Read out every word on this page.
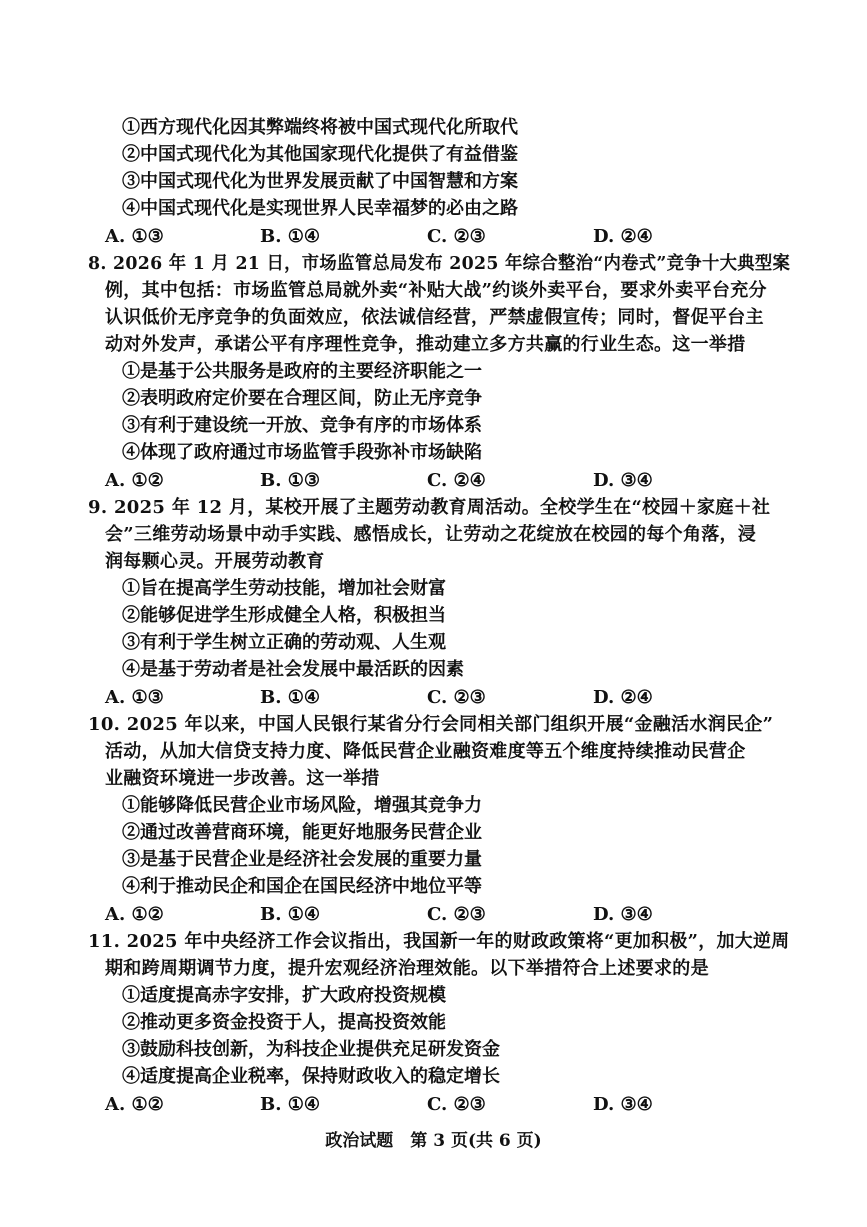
①西方现代化因其弊端终将被中国式现代化所取代
②中国式现代化为其他国家现代化提供了有益借鉴
③中国式现代化为世界发展贡献了中国智慧和方案
④中国式现代化是实现世界人民幸福梦的必由之路
A. ①③	B. ①④	C. ②③	D. ②④
8. 2026 年 1 月 21 日，市场监管总局发布 2025 年综合整治“内卷式”竞争十大典型案
例，其中包括：市场监管总局就外卖“补贴大战”约谈外卖平台，要求外卖平台充分
认识低价无序竞争的负面效应，依法诚信经营，严禁虚假宣传；同时，督促平台主
动对外发声，承诺公平有序理性竞争，推动建立多方共赢的行业生态。这一举措
①是基于公共服务是政府的主要经济职能之一
②表明政府定价要在合理区间，防止无序竞争
③有利于建设统一开放、竞争有序的市场体系
④体现了政府通过市场监管手段弥补市场缺陷
A. ①②	B. ①③	C. ②④	D. ③④
9. 2025 年 12 月，某校开展了主题劳动教育周活动。全校学生在“校园＋家庭＋社
会”三维劳动场景中动手实践、感悟成长，让劳动之花绽放在校园的每个角落，浸
润每颗心灵。开展劳动教育
①旨在提高学生劳动技能，增加社会财富
②能够促进学生形成健全人格，积极担当
③有利于学生树立正确的劳动观、人生观
④是基于劳动者是社会发展中最活跃的因素
A. ①③	B. ①④	C. ②③	D. ②④
10. 2025 年以来，中国人民银行某省分行会同相关部门组织开展“金融活水润民企”
活动，从加大信贷支持力度、降低民营企业融资难度等五个维度持续推动民营企
业融资环境进一步改善。这一举措
①能够降低民营企业市场风险，增强其竞争力
②通过改善营商环境，能更好地服务民营企业
③是基于民营企业是经济社会发展的重要力量
④利于推动民企和国企在国民经济中地位平等
A. ①②	B. ①④	C. ②③	D. ③④
11. 2025 年中央经济工作会议指出，我国新一年的财政政策将“更加积极”，加大逆周
期和跨周期调节力度，提升宏观经济治理效能。以下举措符合上述要求的是
①适度提高赤字安排，扩大政府投资规模
②推动更多资金投资于人，提高投资效能
③鼓励科技创新，为科技企业提供充足研发资金
④适度提高企业税率，保持财政收入的稳定增长
A. ①②	B. ①④	C. ②③	D. ③④
政治试题　第 3 页(共 6 页)
